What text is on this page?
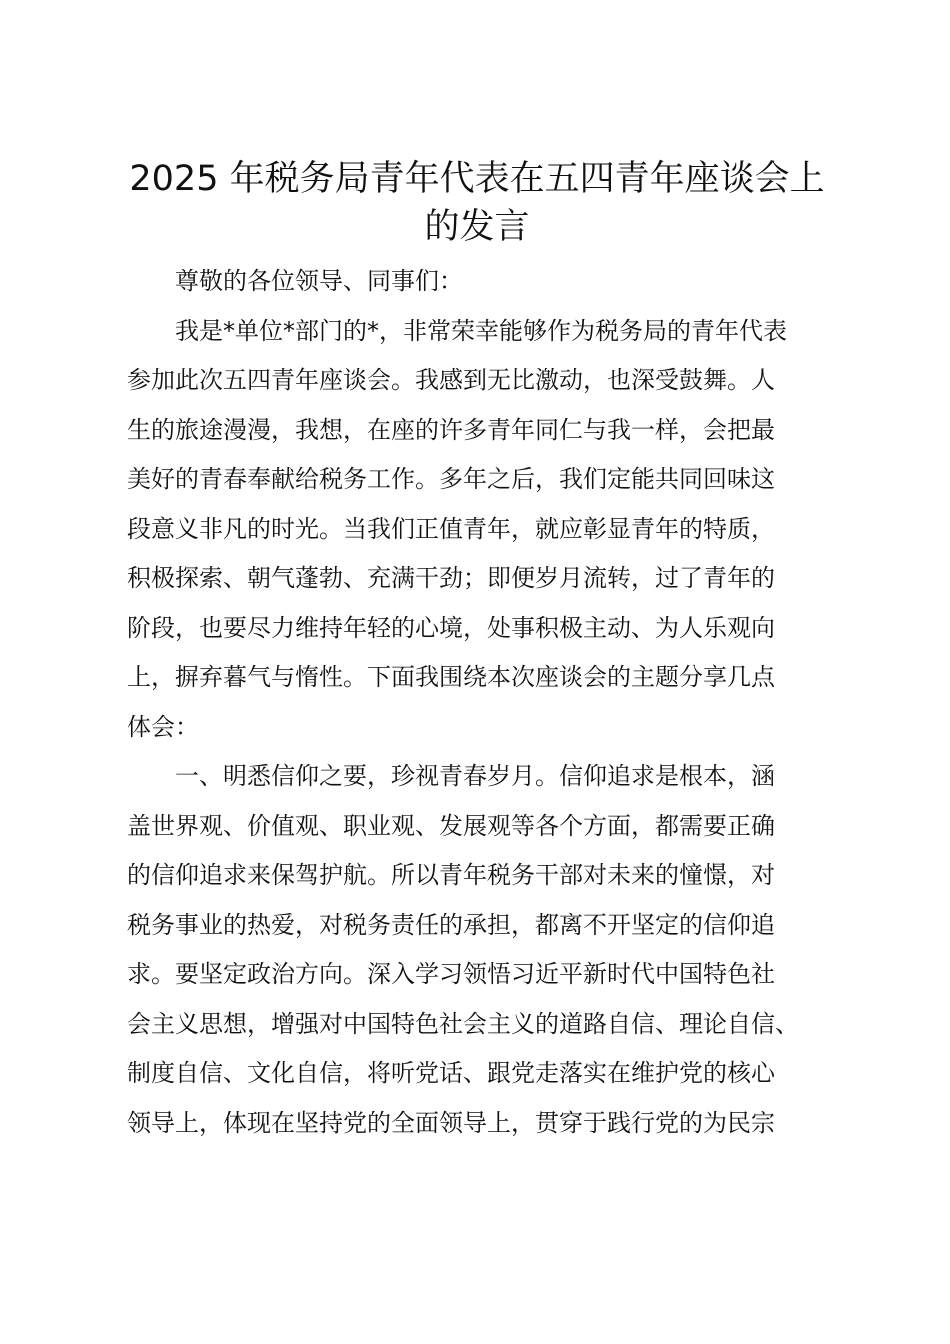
2025 年税务局青年代表在五四青年座谈会上
的发言

尊敬的各位领导、同事们：

我是*单位*部门的*，非常荣幸能够作为税务局的青年代表
参加此次五四青年座谈会。我感到无比激动，也深受鼓舞。人
生的旅途漫漫，我想，在座的许多青年同仁与我一样，会把最
美好的青春奉献给税务工作。多年之后，我们定能共同回味这
段意义非凡的时光。当我们正值青年，就应彰显青年的特质，
积极探索、朝气蓬勃、充满干劲；即便岁月流转，过了青年的
阶段，也要尽力维持年轻的心境，处事积极主动、为人乐观向
上，摒弃暮气与惰性。下面我围绕本次座谈会的主题分享几点
体会：

一、明悉信仰之要，珍视青春岁月。信仰追求是根本，涵
盖世界观、价值观、职业观、发展观等各个方面，都需要正确
的信仰追求来保驾护航。所以青年税务干部对未来的憧憬，对
税务事业的热爱，对税务责任的承担，都离不开坚定的信仰追
求。要坚定政治方向。深入学习领悟习近平新时代中国特色社
会主义思想，增强对中国特色社会主义的道路自信、理论自信、
制度自信、文化自信，将听党话、跟党走落实在维护党的核心
领导上，体现在坚持党的全面领导上，贯穿于践行党的为民宗
